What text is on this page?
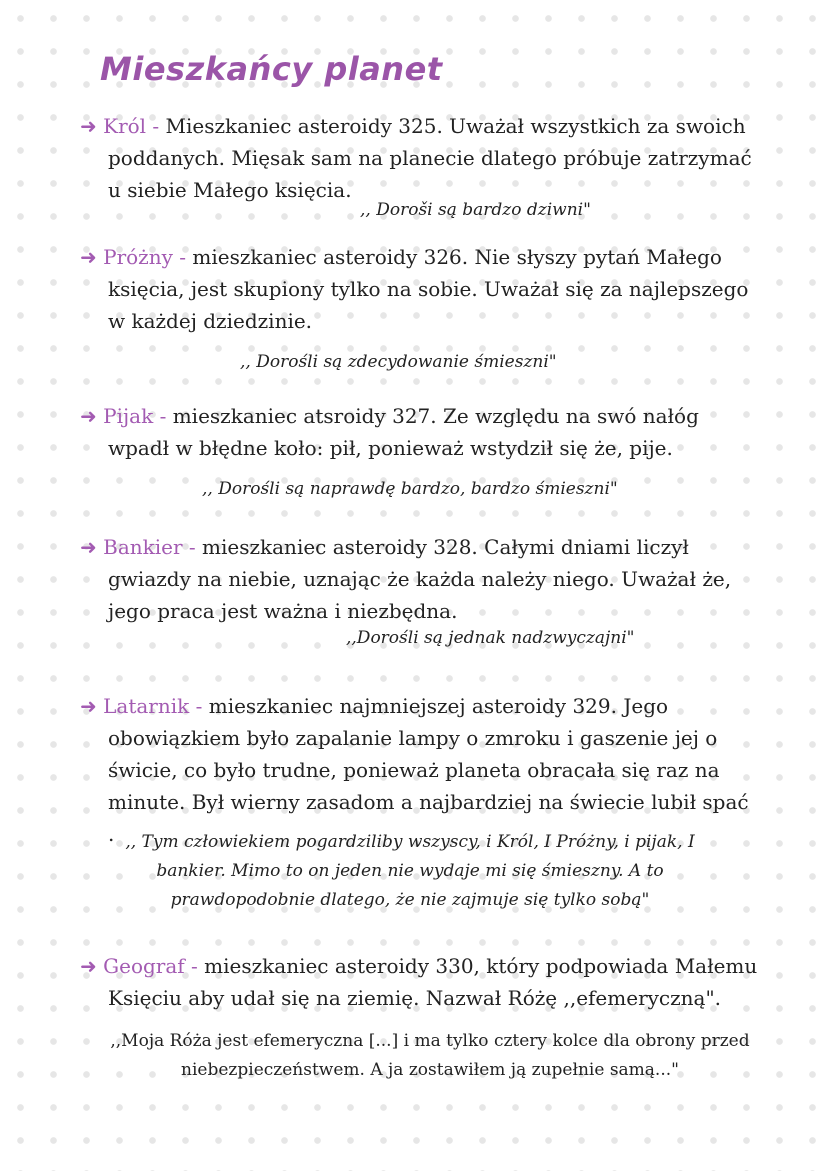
Mieszkańcy planet
➜ Król - Mieszkaniec asteroidy 325. Uważał wszystkich za swoich poddanych. Mięsak sam na planecie dlatego próbuje zatrzymać u siebie Małego księcia.
,, Doroši są bardzo dziwni"
➜ Próżny - mieszkaniec asteroidy 326. Nie słyszy pytań Małego księcia, jest skupiony tylko na sobie. Uważał się za najlepszego w każdej dziedzinie.
,, Dorośli są zdecydowanie śmieszni"
➜ Pijak - mieszkaniec atsroidy 327. Ze względu na swó nałóg wpadł w błędne koło: pił, ponieważ wstydził się że, pije.
,, Dorośli są naprawdę bardzo, bardzo śmieszni"
➜ Bankier - mieszkaniec asteroidy 328. Całymi dniami liczył gwiazdy na niebie, uznając że każda należy niego. Uważał że, jego praca jest ważna i niezbędna.
,,Dorośli są jednak nadzwyczajni"
➜ Latarnik - mieszkaniec najmniejszej asteroidy 329. Jego obowiązkiem było zapalanie lampy o zmroku i gaszenie jej o świcie, co było trudne, ponieważ planeta obracała się raz na minute. Był wierny zasadom a najbardziej na świecie lubił spać . ,, Tym człowiekiem pogardziliby wszyscy, i Król, I Próżny, i pijak, I bankier. Mimo to on jeden nie wydaje mi się śmieszny. A to prawdopodobnie dlatego, że nie zajmuje się tylko sobą"
➜ Geograf - mieszkaniec asteroidy 330, który podpowiada Małemu Księciu aby udał się na ziemię. Nazwał Różę ,,efemeryczną".
,,Moja Róża jest efemeryczna [...] i ma tylko cztery kolce dla obrony przed niebezpieczeństwem. A ja zostawiłem ją zupełnie samą..."
